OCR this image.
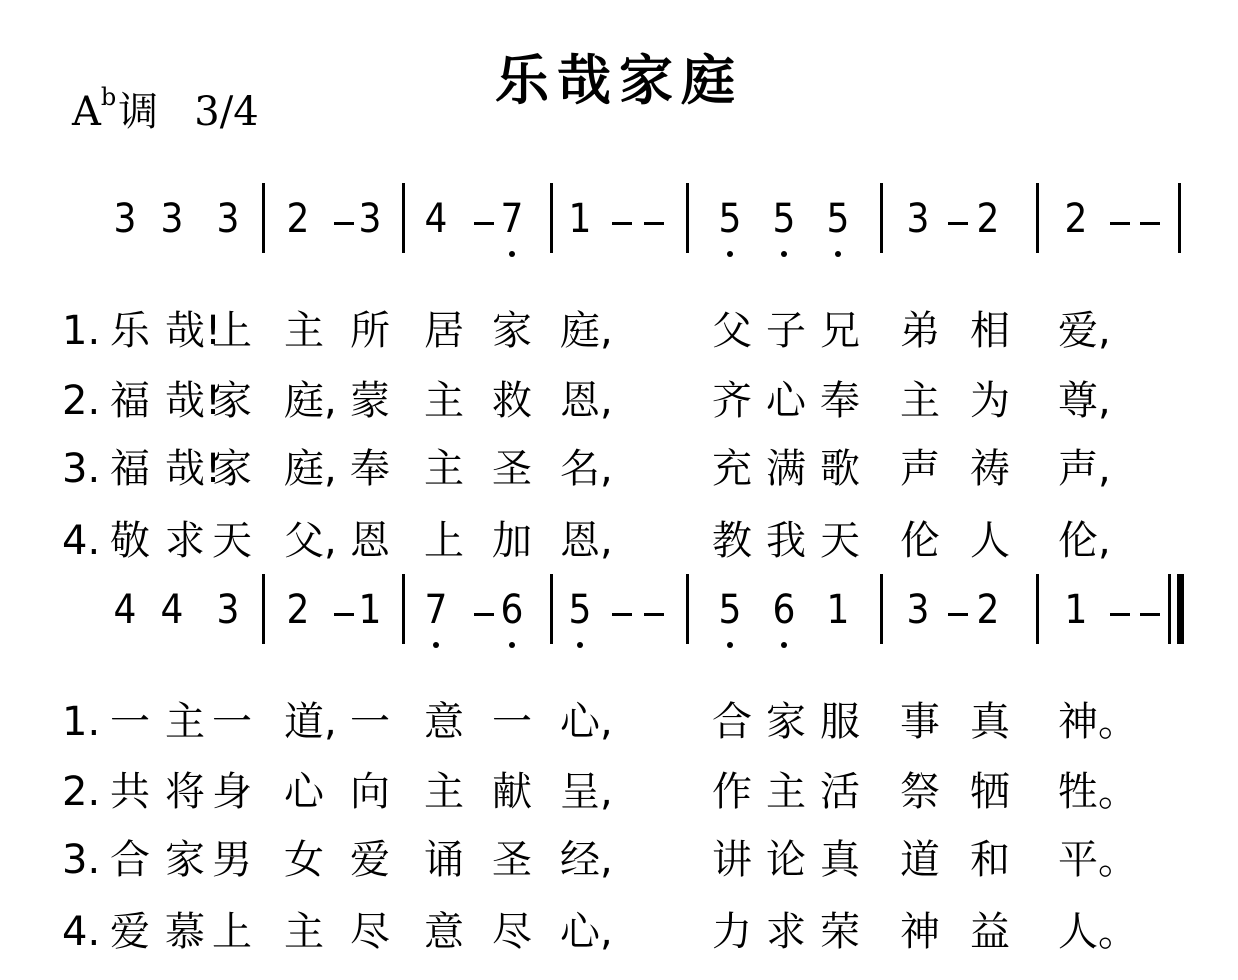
乐哉家庭
$A^b$调 3/4
3 3 3 2 3 4 7 1	5 5 5 3 2 2
1. 乐 哉!
上 主 所 居 家 庭, 父 子 兄 弟 相 爱,
2. 福 哉!
家 庭, 蒙 主 救 恩, 齐 心 奉 主 为 尊,
3. 福 哉!
家 庭, 奉 主 圣 名, 充 满 歌 声 祷 声,
4. 敬 求 天 父, 恩 上 加 恩, 教 我 天 伦 人 伦,
4 4 3 2 1 7 6 5	5 6 1 3 2 1
1. 一 主 一 道, 一 意 一 心, 合 家 服 事 真 神。
2. 共 将 身 心 向 主 献 呈, 作 主 活 祭 牺 牲。
3. 合 家 男 女 爱 诵 圣 经, 讲 论 真 道 和 平。
4. 爱 慕 上 主 尽 意 尽 心, 力 求 荣 神 益 人。
